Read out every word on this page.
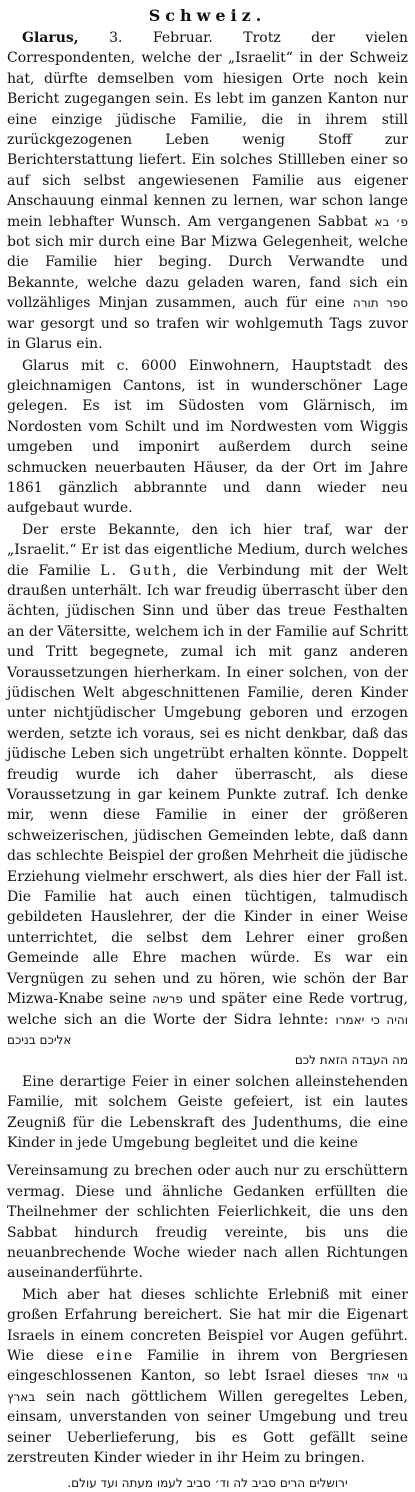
Schweiz.

Glarus, 3. Februar. Trotz der vielen Correspondenten, welche der „Israelit“ in der Schweiz hat, dürfte demselben vom hiesigen Orte noch kein Bericht zugegangen sein. Es lebt im ganzen Kanton nur eine einzige jüdische Familie, die in ihrem still zurückgezogenen Leben wenig Stoff zur Berichterstattung liefert. Ein solches Stillleben einer so auf sich selbst angewiesenen Familie aus eigener Anschauung einmal kennen zu lernen, war schon lange mein lebhafter Wunsch. Am vergangenen Sabbat פ׳ בא bot sich mir durch eine Bar Mizwa Gelegenheit, welche die Familie hier beging. Durch Verwandte und Bekannte, welche dazu geladen waren, fand sich ein vollzähliges Minjan zusammen, auch für eine ספר תורה war gesorgt und so trafen wir wohlgemuth Tags zuvor in Glarus ein.

Glarus mit c. 6000 Einwohnern, Hauptstadt des gleichnamigen Cantons, ist in wunderschöner Lage gelegen. Es ist im Südosten vom Glärnisch, im Nordosten vom Schilt und im Nordwesten vom Wiggis umgeben und imponirt außerdem durch seine schmucken neuerbauten Häuser, da der Ort im Jahre 1861 gänzlich abbrannte und dann wieder neu aufgebaut wurde.

Der erste Bekannte, den ich hier traf, war der „Israelit.“ Er ist das eigentliche Medium, durch welches die Familie L. Guth, die Verbindung mit der Welt draußen unterhält. Ich war freudig überrascht über den ächten, jüdischen Sinn und über das treue Festhalten an der Vätersitte, welchem ich in der Familie auf Schritt und Tritt begegnete, zumal ich mit ganz anderen Voraussetzungen hierherkam. In einer solchen, von der jüdischen Welt abgeschnittenen Familie, deren Kinder unter nichtjüdischer Umgebung geboren und erzogen werden, setzte ich voraus, sei es nicht denkbar, daß das jüdische Leben sich ungetrübt erhalten könnte. Doppelt freudig wurde ich daher überrascht, als diese Voraussetzung in gar keinem Punkte zutraf. Ich denke mir, wenn diese Familie in einer der größeren schweizerischen, jüdischen Gemeinden lebte, daß dann das schlechte Beispiel der großen Mehrheit die jüdische Erziehung vielmehr erschwert, als dies hier der Fall ist. Die Familie hat auch einen tüchtigen, talmudisch gebildeten Hauslehrer, der die Kinder in einer Weise unterrichtet, die selbst dem Lehrer einer großen Gemeinde alle Ehre machen würde. Es war ein Vergnügen zu sehen und zu hören, wie schön der Bar Mizwa-Knabe seine פרשה und später eine Rede vortrug, welche sich an die Worte der Sidra lehnte: והיה כי יאמרו אליכם בניכם
מה העבדה הזאת לכם

Eine derartige Feier in einer solchen alleinstehenden Familie, mit solchem Geiste gefeiert, ist ein lautes Zeugniß für die Lebenskraft des Judenthums, die eine Kinder in jede Umgebung begleitet und die keine

Vereinsamung zu brechen oder auch nur zu erschüttern vermag. Diese und ähnliche Gedanken erfüllten die Theilnehmer der schlichten Feierlichkeit, die uns den Sabbat hindurch freudig vereinte, bis uns die neuanbrechende Woche wieder nach allen Richtungen auseinanderführte.

Mich aber hat dieses schlichte Erlebniß mit einer großen Erfahrung bereichert. Sie hat mir die Eigenart Israels in einem concreten Beispiel vor Augen geführt. Wie diese eine Familie in ihrem von Bergriesen eingeschlossenen Kanton, so lebt Israel dieses גוי אחד בארץ sein nach göttlichem Willen geregeltes Leben, einsam, unverstanden von seiner Umgebung und treu seiner Ueberlieferung, bis es Gott gefällt seine zerstreuten Kinder wieder in ihr Heim zu bringen.

ירושלים הרים סביב לה וד׳ סביב לעמו מעתה ועד עולם.
